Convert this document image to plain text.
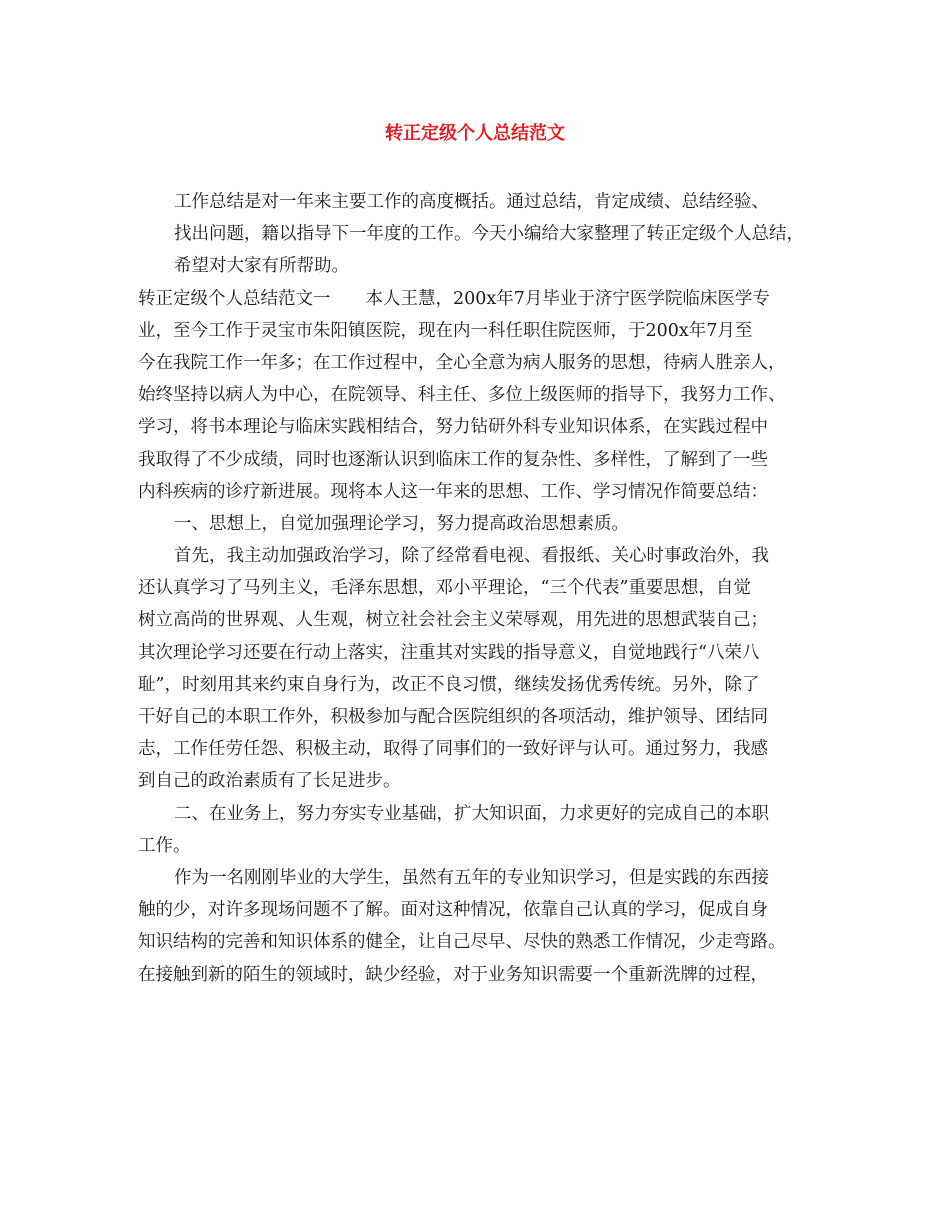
转正定级个人总结范文
工作总结是对一年来主要工作的高度概括。通过总结，肯定成绩、总结经验、
找出问题，籍以指导下一年度的工作。今天小编给大家整理了转正定级个人总结，
希望对大家有所帮助。
转正定级个人总结范文一　　本人王慧，200x年7月毕业于济宁医学院临床医学专
业，至今工作于灵宝市朱阳镇医院，现在内一科任职住院医师，于200x年7月至
今在我院工作一年多；在工作过程中，全心全意为病人服务的思想，待病人胜亲人，
始终坚持以病人为中心，在院领导、科主任、多位上级医师的指导下，我努力工作、
学习，将书本理论与临床实践相结合，努力钻研外科专业知识体系，在实践过程中
我取得了不少成绩，同时也逐渐认识到临床工作的复杂性、多样性，了解到了一些
内科疾病的诊疗新进展。现将本人这一年来的思想、工作、学习情况作简要总结：
一、思想上，自觉加强理论学习，努力提高政治思想素质。
首先，我主动加强政治学习，除了经常看电视、看报纸、关心时事政治外，我
还认真学习了马列主义，毛泽东思想，邓小平理论，“三个代表”重要思想，自觉
树立高尚的世界观、人生观，树立社会社会主义荣辱观，用先进的思想武装自己；
其次理论学习还要在行动上落实，注重其对实践的指导意义，自觉地践行“八荣八
耻”，时刻用其来约束自身行为，改正不良习惯，继续发扬优秀传统。另外，除了
干好自己的本职工作外，积极参加与配合医院组织的各项活动，维护领导、团结同
志，工作任劳任怨、积极主动，取得了同事们的一致好评与认可。通过努力，我感
到自己的政治素质有了长足进步。
二、在业务上，努力夯实专业基础，扩大知识面，力求更好的完成自己的本职
工作。
作为一名刚刚毕业的大学生，虽然有五年的专业知识学习，但是实践的东西接
触的少，对许多现场问题不了解。面对这种情况，依靠自己认真的学习，促成自身
知识结构的完善和知识体系的健全，让自己尽早、尽快的熟悉工作情况，少走弯路。
在接触到新的陌生的领域时，缺少经验，对于业务知识需要一个重新洗牌的过程，
